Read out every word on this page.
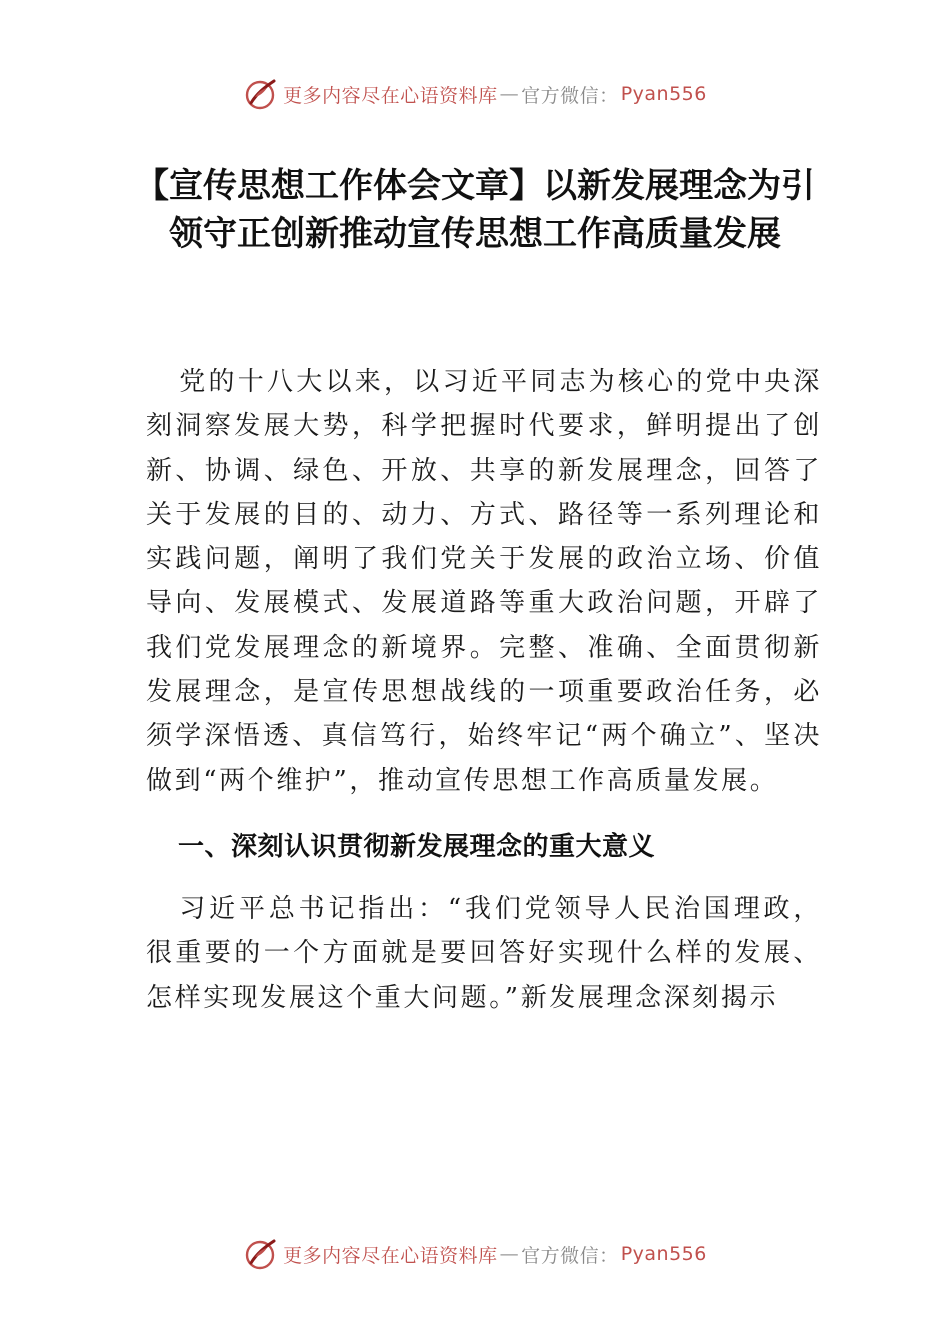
更多内容尽在心语资料库 — 官方微信： Pyan556
【宣传思想工作体会文章】以新发展理念为引领守正创新推动宣传思想工作高质量发展

党的十八大以来，以习近平同志为核心的党中央深刻洞察发展大势，科学把握时代要求，鲜明提出了创新、协调、绿色、开放、共享的新发展理念，回答了关于发展的目的、动力、方式、路径等一系列理论和实践问题，阐明了我们党关于发展的政治立场、价值导向、发展模式、发展道路等重大政治问题，开辟了我们党发展理念的新境界。完整、准确、全面贯彻新发展理念，是宣传思想战线的一项重要政治任务，必须学深悟透、真信笃行，始终牢记“两个确立”、坚决做到“两个维护”，推动宣传思想工作高质量发展。

一、深刻认识贯彻新发展理念的重大意义

习近平总书记指出：“我们党领导人民治国理政，很重要的一个方面就是要回答好实现什么样的发展、怎样实现发展这个重大问题。”新发展理念深刻揭示

更多内容尽在心语资料库 — 官方微信： Pyan556
